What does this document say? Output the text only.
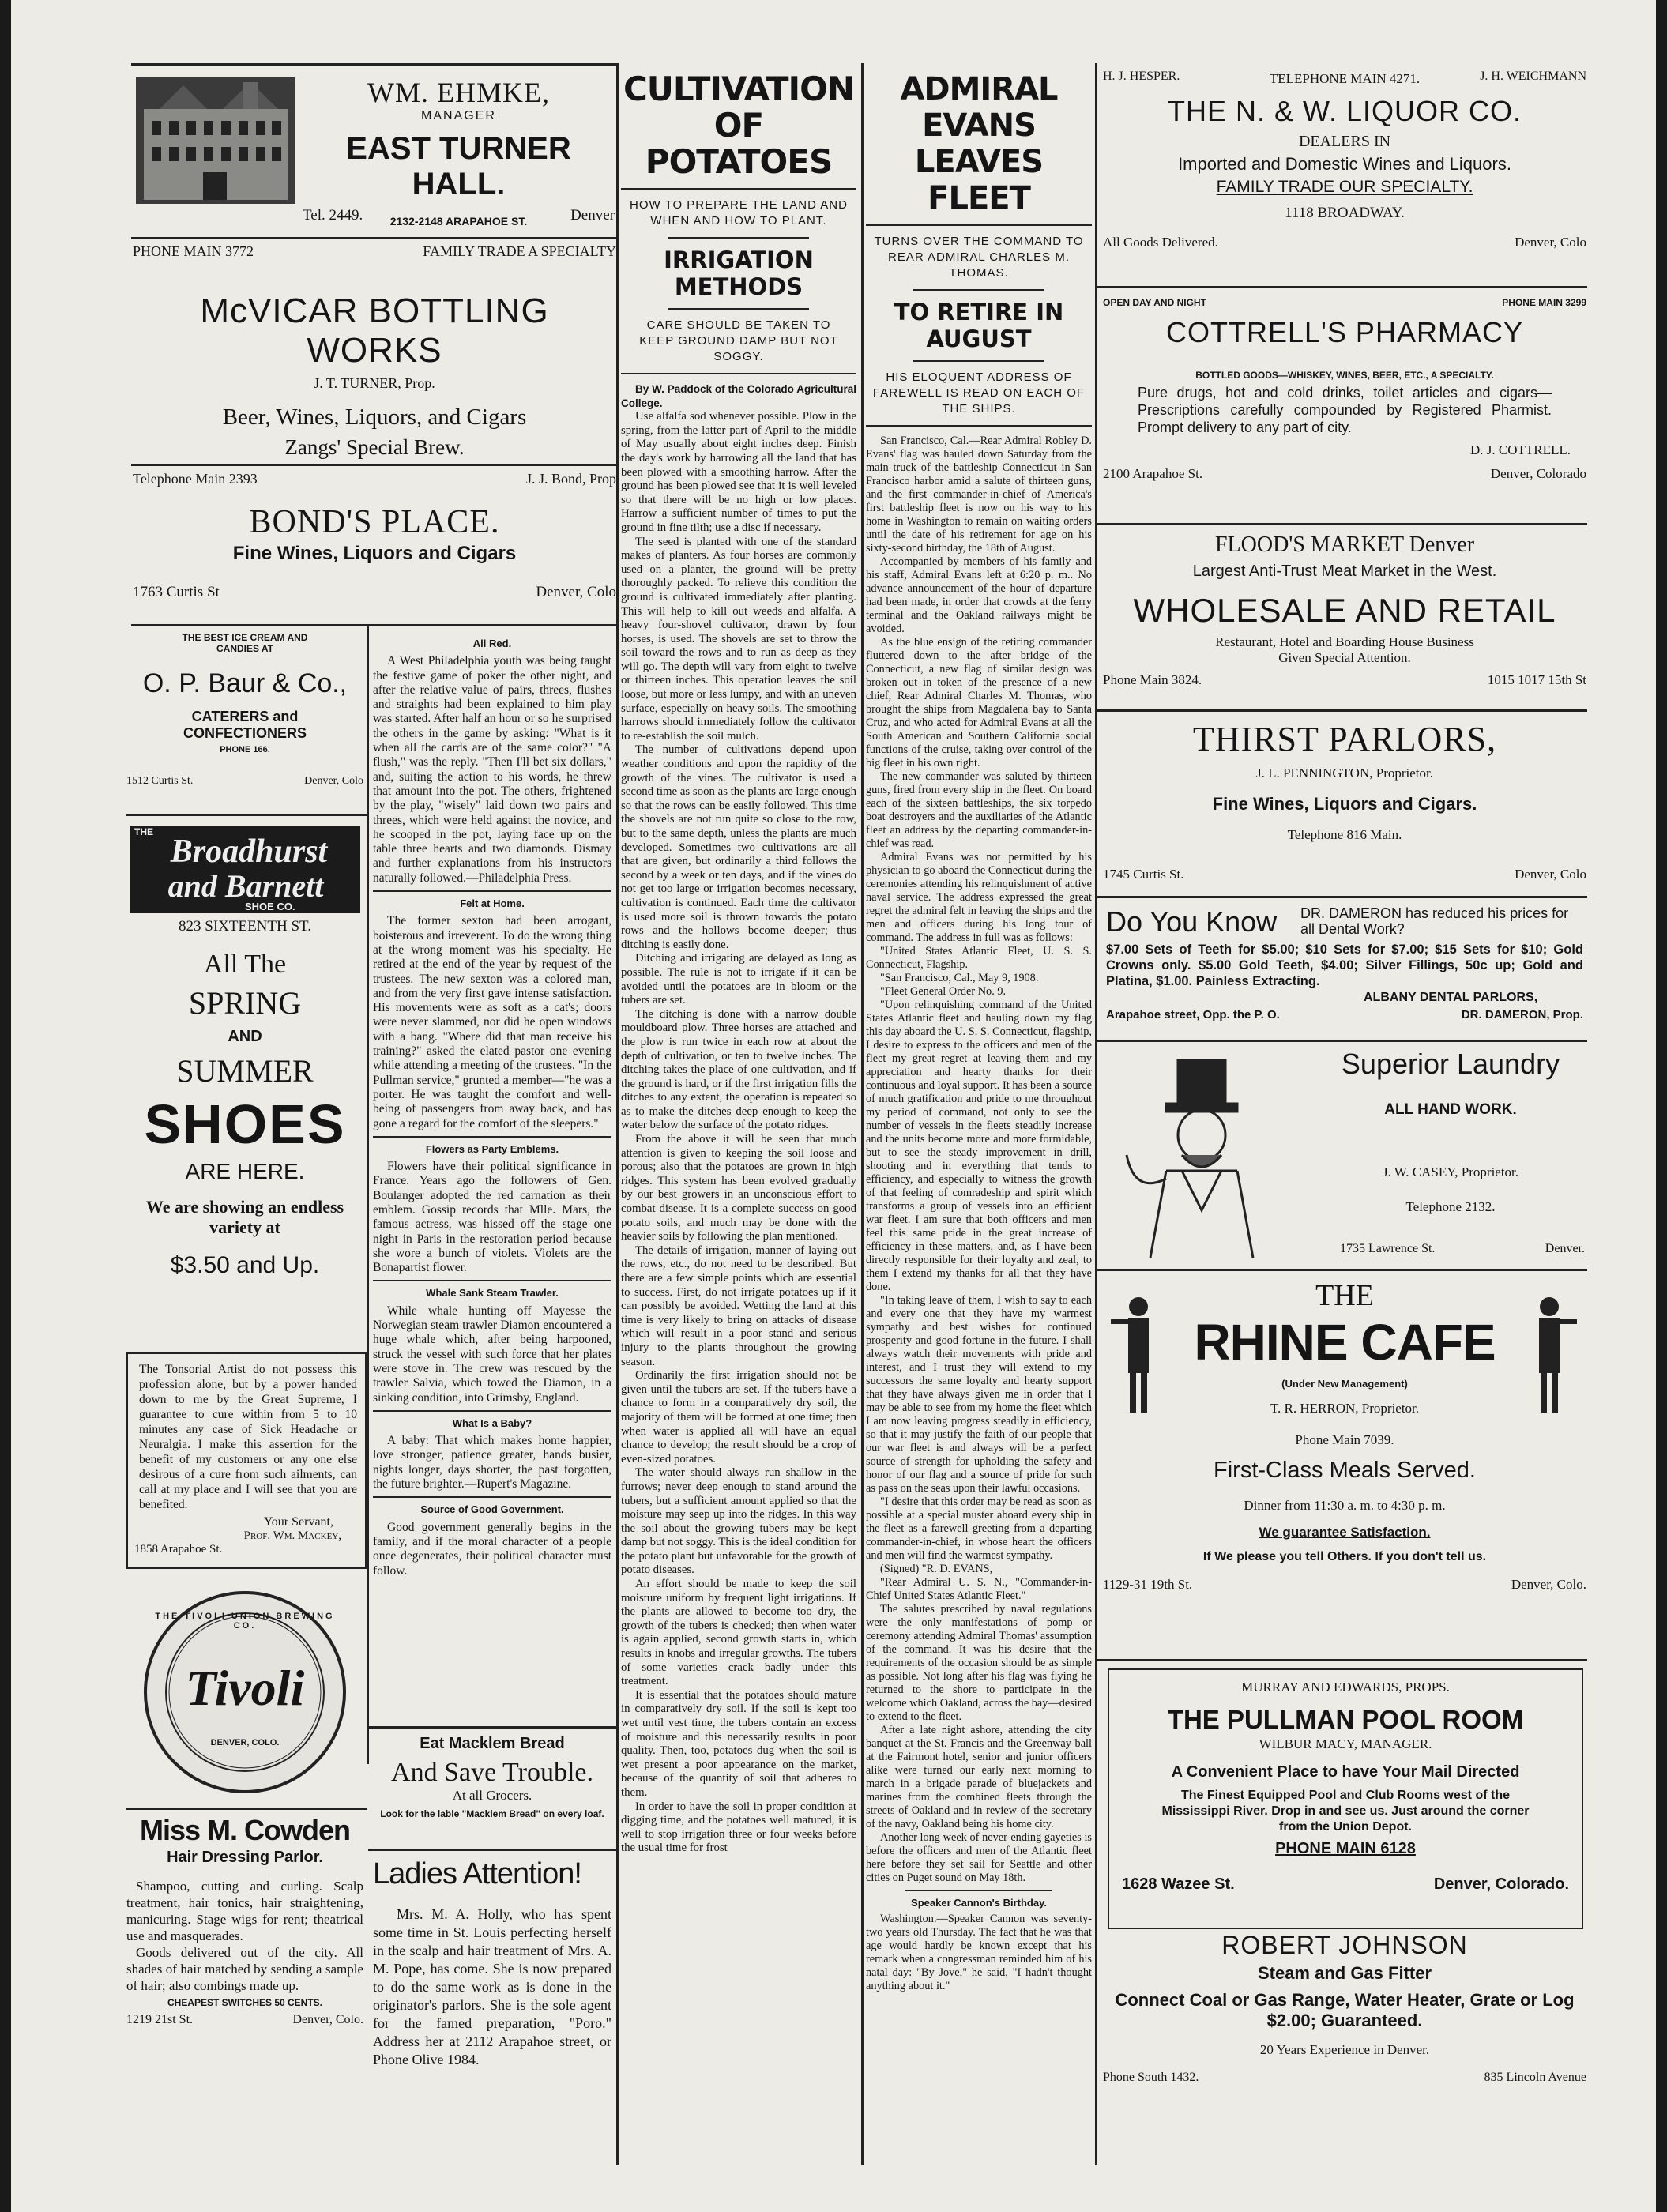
WM. EHMKE,
MANAGER
EAST TURNER HALL.
2132-2148 ARAPAHOE ST.
Tel. 2449.	Denver
PHONE MAIN 3772	FAMILY TRADE A SPECIALTY
McVICAR BOTTLING WORKS
J. T. TURNER, Prop.
Beer, Wines, Liquors, and Cigars
Zangs' Special Brew.
Telephone Main 2393	J. J. Bond, Prop
BOND'S PLACE.
Fine Wines, Liquors and Cigars
1763 Curtis St	Denver, Colo
THE BEST ICE CREAM AND
CANDIES AT
O. P. Baur & Co.,
CATERERS and
CONFECTIONERS
PHONE 166.
1512 Curtis St.	Denver, Colo
THE
Broadhurst
and Barnett
SHOE CO.
823 SIXTEENTH ST.
All The
SPRING
AND
SUMMER
SHOES
ARE HERE.
We are showing an endless
variety at
$3.50 and Up.
The Tonsorial Artist do not possess this profession alone, but by a power handed down to me by the Great Supreme, I guarantee to cure within from 5 to 10 minutes any case of Sick Headache or Neuralgia. I make this assertion for the benefit of my customers or any one else desirous of a cure from such ailments, can call at my place and I will see that you are benefited.
Your Servant,
Prof. Wm. Mackey,
1858 Arapahoe St.
THE TIVOLI UNION BREWING CO.
Tivoli
DENVER, COLO.
Miss M. Cowden
Hair Dressing Parlor.
Shampoo, cutting and curling. Scalp treatment, hair tonics, hair straightening, manicuring. Stage wigs for rent; theatrical use and masquerades.
Goods delivered out of the city. All shades of hair matched by sending a sample of hair; also combings made up.
CHEAPEST SWITCHES 50 CENTS.
1219 21st St.	Denver, Colo.
All Red.

A West Philadelphia youth was being taught the festive game of poker the other night, and after the relative value of pairs, threes, flushes and straights had been explained to him play was started. After half an hour or so he surprised the others in the game by asking: "What is it when all the cards are of the same color?" "A flush," was the reply. "Then I'll bet six dollars," and, suiting the action to his words, he threw that amount into the pot. The others, frightened by the play, "wisely" laid down two pairs and threes, which were held against the novice, and he scooped in the pot, laying face up on the table three hearts and two diamonds. Dismay and further explanations from his instructors naturally followed.—Philadelphia Press.

Felt at Home.

The former sexton had been arrogant, boisterous and irreverent. To do the wrong thing at the wrong moment was his specialty. He retired at the end of the year by request of the trustees. The new sexton was a colored man, and from the very first gave intense satisfaction. His movements were as soft as a cat's; doors were never slammed, nor did he open windows with a bang. "Where did that man receive his training?" asked the elated pastor one evening while attending a meeting of the trustees. "In the Pullman service," grunted a member—"he was a porter. He was taught the comfort and well-being of passengers from away back, and has gone a regard for the comfort of the sleepers."

Flowers as Party Emblems.

Flowers have their political significance in France. Years ago the followers of Gen. Boulanger adopted the red carnation as their emblem. Gossip records that Mlle. Mars, the famous actress, was hissed off the stage one night in Paris in the restoration period because she wore a bunch of violets. Violets are the Bonapartist flower.

Whale Sank Steam Trawler.

While whale hunting off Mayesse the Norwegian steam trawler Diamon encountered a huge whale which, after being harpooned, struck the vessel with such force that her plates were stove in. The crew was rescued by the trawler Salvia, which towed the Diamon, in a sinking condition, into Grimsby, England.

What Is a Baby?

A baby: That which makes home happier, love stronger, patience greater, hands busier, nights longer, days shorter, the past forgotten, the future brighter.—Rupert's Magazine.

Source of Good Government.

Good government generally begins in the family, and if the moral character of a people once degenerates, their political character must follow.

Eat Macklem Bread
And Save Trouble.
At all Grocers.
Look for the lable "Macklem Bread" on every loaf.
Ladies Attention!
Mrs. M. A. Holly, who has spent some time in St. Louis perfecting herself in the scalp and hair treatment of Mrs. A. M. Pope, has come. She is now prepared to do the same work as is done in the originator's parlors. She is the sole agent for the famed preparation, "Poro." Address her at 2112 Arapahoe street, or Phone Olive 1984.
CULTIVATION
OF POTATOES
HOW TO PREPARE THE LAND AND WHEN AND HOW TO PLANT.
IRRIGATION METHODS
CARE SHOULD BE TAKEN TO KEEP GROUND DAMP BUT NOT SOGGY.

By W. Paddock of the Colorado Agricultural College.

Use alfalfa sod whenever possible. Plow in the spring, from the latter part of April to the middle of May usually about eight inches deep. Finish the day's work by harrowing all the land that has been plowed with a smoothing harrow. After the ground has been plowed see that it is well leveled so that there will be no high or low places. Harrow a sufficient number of times to put the ground in fine tilth; use a disc if necessary.

The seed is planted with one of the standard makes of planters. As four horses are commonly used on a planter, the ground will be pretty thoroughly packed. To relieve this condition the ground is cultivated immediately after planting. This will help to kill out weeds and alfalfa. A heavy four-shovel cultivator, drawn by four horses, is used. The shovels are set to throw the soil toward the rows and to run as deep as they will go. The depth will vary from eight to twelve or thirteen inches. This operation leaves the soil loose, but more or less lumpy, and with an uneven surface, especially on heavy soils. The smoothing harrows should immediately follow the cultivator to re-establish the soil mulch.

The number of cultivations depend upon weather conditions and upon the rapidity of the growth of the vines. The cultivator is used a second time as soon as the plants are large enough so that the rows can be easily followed. This time the shovels are not run quite so close to the row, but to the same depth, unless the plants are much developed. Sometimes two cultivations are all that are given, but ordinarily a third follows the second by a week or ten days, and if the vines do not get too large or irrigation becomes necessary, cultivation is continued. Each time the cultivator is used more soil is thrown towards the potato rows and the hollows become deeper; thus ditching is easily done.

Ditching and irrigating are delayed as long as possible. The rule is not to irrigate if it can be avoided until the potatoes are in bloom or the tubers are set.

The ditching is done with a narrow double mouldboard plow. Three horses are attached and the plow is run twice in each row at about the depth of cultivation, or ten to twelve inches. The ditching takes the place of one cultivation, and if the ground is hard, or if the first irrigation fills the ditches to any extent, the operation is repeated so as to make the ditches deep enough to keep the water below the surface of the potato ridges.

From the above it will be seen that much attention is given to keeping the soil loose and porous; also that the potatoes are grown in high ridges. This system has been evolved gradually by our best growers in an unconscious effort to combat disease. It is a complete success on good potato soils, and much may be done with the heavier soils by following the plan mentioned.

The details of irrigation, manner of laying out the rows, etc., do not need to be described. But there are a few simple points which are essential to success. First, do not irrigate potatoes up if it can possibly be avoided. Wetting the land at this time is very likely to bring on attacks of disease which will result in a poor stand and serious injury to the plants throughout the growing season.

Ordinarily the first irrigation should not be given until the tubers are set. If the tubers have a chance to form in a comparatively dry soil, the majority of them will be formed at one time; then when water is applied all will have an equal chance to develop; the result should be a crop of even-sized potatoes.

The water should always run shallow in the furrows; never deep enough to stand around the tubers, but a sufficient amount applied so that the moisture may seep up into the ridges. In this way the soil about the growing tubers may be kept damp but not soggy. This is the ideal condition for the potato plant but unfavorable for the growth of potato diseases.

An effort should be made to keep the soil moisture uniform by frequent light irrigations. If the plants are allowed to become too dry, the growth of the tubers is checked; then when water is again applied, second growth starts in, which results in knobs and irregular growths. The tubers of some varieties crack badly under this treatment.

It is essential that the potatoes should mature in comparatively dry soil. If the soil is kept too wet until vest time, the tubers contain an excess of moisture and this necessarily results in poor quality. Then, too, potatoes dug when the soil is wet present a poor appearance on the market, because of the quantity of soil that adheres to them.

In order to have the soil in proper condition at digging time, and the potatoes well matured, it is well to stop irrigation three or four weeks before the usual time for frost

ADMIRAL EVANS
LEAVES FLEET
TURNS OVER THE COMMAND TO REAR ADMIRAL CHARLES M. THOMAS.
TO RETIRE IN AUGUST
HIS ELOQUENT ADDRESS OF FAREWELL IS READ ON EACH OF THE SHIPS.

San Francisco, Cal.—Rear Admiral Robley D. Evans' flag was hauled down Saturday from the main truck of the battleship Connecticut in San Francisco harbor amid a salute of thirteen guns, and the first commander-in-chief of America's first battleship fleet is now on his way to his home in Washington to remain on waiting orders until the date of his retirement for age on his sixty-second birthday, the 18th of August.

Accompanied by members of his family and his staff, Admiral Evans left at 6:20 p. m.. No advance announcement of the hour of departure had been made, in order that crowds at the ferry terminal and the Oakland railways might be avoided.

As the blue ensign of the retiring commander fluttered down to the after bridge of the Connecticut, a new flag of similar design was broken out in token of the presence of a new chief, Rear Admiral Charles M. Thomas, who brought the ships from Magdalena bay to Santa Cruz, and who acted for Admiral Evans at all the South American and Southern California social functions of the cruise, taking over control of the big fleet in his own right.

The new commander was saluted by thirteen guns, fired from every ship in the fleet. On board each of the sixteen battleships, the six torpedo boat destroyers and the auxiliaries of the Atlantic fleet an address by the departing commander-in-chief was read.

Admiral Evans was not permitted by his physician to go aboard the Connecticut during the ceremonies attending his relinquishment of active naval service. The address expressed the great regret the admiral felt in leaving the ships and the men and officers during his long tour of command. The address in full was as follows:

"United States Atlantic Fleet, U. S. S. Connecticut, Flagship.

"San Francisco, Cal., May 9, 1908.

"Fleet General Order No. 9.

"Upon relinquishing command of the United States Atlantic fleet and hauling down my flag this day aboard the U. S. S. Connecticut, flagship, I desire to express to the officers and men of the fleet my great regret at leaving them and my appreciation and hearty thanks for their continuous and loyal support. It has been a source of much gratification and pride to me throughout my period of command, not only to see the number of vessels in the fleets steadily increase and the units become more and more formidable, but to see the steady improvement in drill, shooting and in everything that tends to efficiency, and especially to witness the growth of that feeling of comradeship and spirit which transforms a group of vessels into an efficient war fleet. I am sure that both officers and men feel this same pride in the great increase of efficiency in these matters, and, as I have been directly responsible for their loyalty and zeal, to them I extend my thanks for all that they have done.

"In taking leave of them, I wish to say to each and every one that they have my warmest sympathy and best wishes for continued prosperity and good fortune in the future. I shall always watch their movements with pride and interest, and I trust they will extend to my successors the same loyalty and hearty support that they have always given me in order that I may be able to see from my home the fleet which I am now leaving progress steadily in efficiency, so that it may justify the faith of our people that our war fleet is and always will be a perfect source of strength for upholding the safety and honor of our flag and a source of pride for such as pass on the seas upon their lawful occasions.

"I desire that this order may be read as soon as possible at a special muster aboard every ship in the fleet as a farewell greeting from a departing commander-in-chief, in whose heart the officers and men will find the warmest sympathy.

(Signed) "R. D. EVANS,

"Rear Admiral U. S. N., "Commander-in-Chief United States Atlantic Fleet."

The salutes prescribed by naval regulations were the only manifestations of pomp or ceremony attending Admiral Thomas' assumption of the command. It was his desire that the requirements of the occasion should be as simple as possible. Not long after his flag was flying he returned to the shore to participate in the welcome which Oakland, across the bay—desired to extend to the fleet.

After a late night ashore, attending the city banquet at the St. Francis and the Greenway ball at the Fairmont hotel, senior and junior officers alike were turned our early next morning to march in a brigade parade of bluejackets and marines from the combined fleets through the streets of Oakland and in review of the secretary of the navy, Oakland being his home city.

Another long week of never-ending gayeties is before the officers and men of the Atlantic fleet here before they set sail for Seattle and other cities on Puget sound on May 18th.

Speaker Cannon's Birthday.

Washington.—Speaker Cannon was seventy-two years old Thursday. The fact that he was that age would hardly be known except that his remark when a congressman reminded him of his natal day: "By Jove," he said, "I hadn't thought anything about it."

H. J. HESPER.	J. H. WEICHMANN
TELEPHONE MAIN 4271.
THE N. & W. LIQUOR CO.
DEALERS IN
Imported and Domestic Wines and Liquors.
FAMILY TRADE OUR SPECIALTY.
1118 BROADWAY.
All Goods Delivered.	Denver, Colo
OPEN DAY AND NIGHT	PHONE MAIN 3299
COTTRELL'S PHARMACY
BOTTLED GOODS—WHISKEY, WINES, BEER, ETC., A SPECIALTY.
Pure drugs, hot and cold drinks, toilet articles and cigars—Prescriptions carefully compounded by Registered Pharmist. Prompt delivery to any part of city.
D. J. COTTRELL.
2100 Arapahoe St.	Denver, Colorado
FLOOD'S MARKET Denver
Largest Anti-Trust Meat Market in the West.
WHOLESALE AND RETAIL
Restaurant, Hotel and Boarding House Business
Given Special Attention.
Phone Main 3824.	1015 1017 15th St
THIRST PARLORS,
J. L. PENNINGTON, Proprietor.
Fine Wines, Liquors and Cigars.
Telephone 816 Main.
1745 Curtis St.	Denver, Colo
Do You Know DR. DAMERON has reduced his prices for all Dental Work?
$7.00 Sets of Teeth for $5.00; $10 Sets for $7.00; $15 Sets for $10; Gold Crowns only. $5.00 Gold Teeth, $4.00; Silver Fillings, 50c up; Gold and Platina, $1.00. Painless Extracting.
ALBANY DENTAL PARLORS,
Arapahoe street, Opp. the P. O.	DR. DAMERON, Prop.
Superior Laundry
ALL HAND WORK.
J. W. CASEY, Proprietor.
Telephone 2132.
1735 Lawrence St.	Denver.
THE
RHINE CAFE
(Under New Management)
T. R. HERRON, Proprietor.
Phone Main 7039.
First-Class Meals Served.
Dinner from 11:30 a. m. to 4:30 p. m.
We guarantee Satisfaction.
If We please you tell Others. If you don't tell us.
1129-31 19th St.	Denver, Colo.
MURRAY AND EDWARDS, PROPS.
THE PULLMAN POOL ROOM
WILBUR MACY, MANAGER.
A Convenient Place to have Your Mail Directed
The Finest Equipped Pool and Club Rooms west of the Mississippi River. Drop in and see us. Just around the corner from the Union Depot.
PHONE MAIN 6128
1628 Wazee St.	Denver, Colorado.
ROBERT JOHNSON
Steam and Gas Fitter
Connect Coal or Gas Range, Water Heater, Grate or Log $2.00; Guaranteed.
20 Years Experience in Denver.
Phone South 1432.	835 Lincoln Avenue
